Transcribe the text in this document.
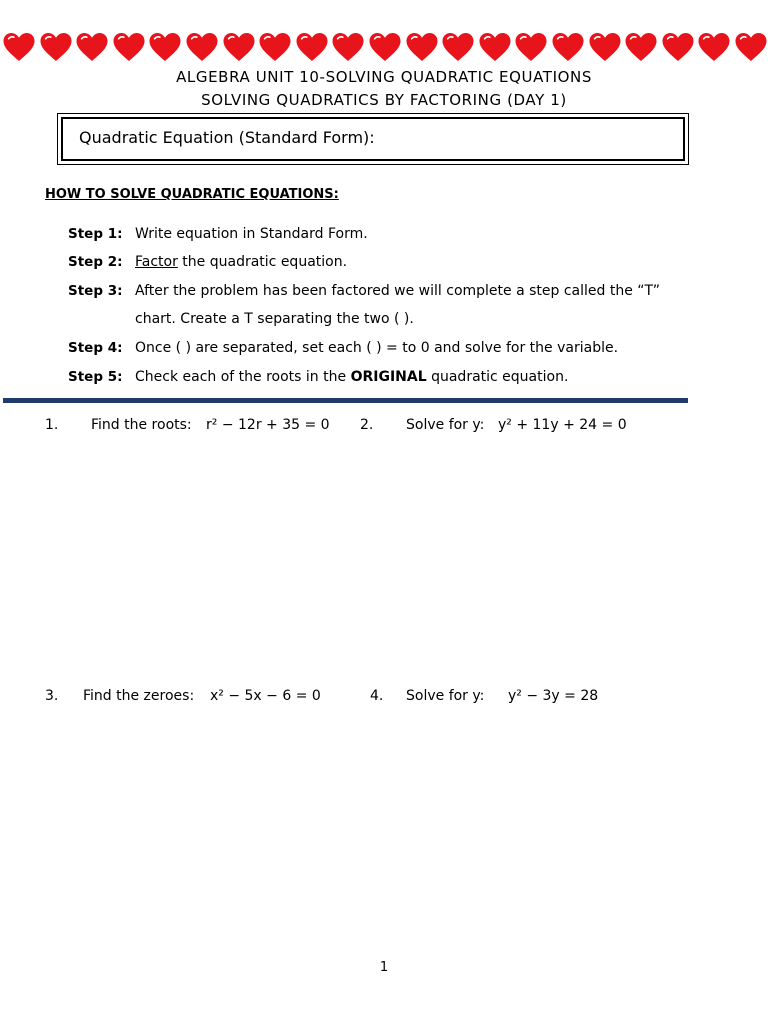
ALGEBRA UNIT 10-SOLVING QUADRATIC EQUATIONS
SOLVING QUADRATICS BY FACTORING (DAY 1)
Quadratic Equation (Standard Form):
HOW TO SOLVE QUADRATIC EQUATIONS:
Step 1: Write equation in Standard Form.
Step 2: Factor the quadratic equation.
Step 3: After the problem has been factored we will complete a step called the “T”
chart. Create a T separating the two ( ).
Step 4: Once ( ) are separated, set each ( ) = to 0 and solve for the variable.
Step 5: Check each of the roots in the ORIGINAL quadratic equation.
1. Find the roots: r² − 12r + 35 = 0 2. Solve for y: y² + 11y + 24 = 0
3. Find the zeroes: x² − 5x − 6 = 0	4. Solve for y: y² − 3y = 28
1
